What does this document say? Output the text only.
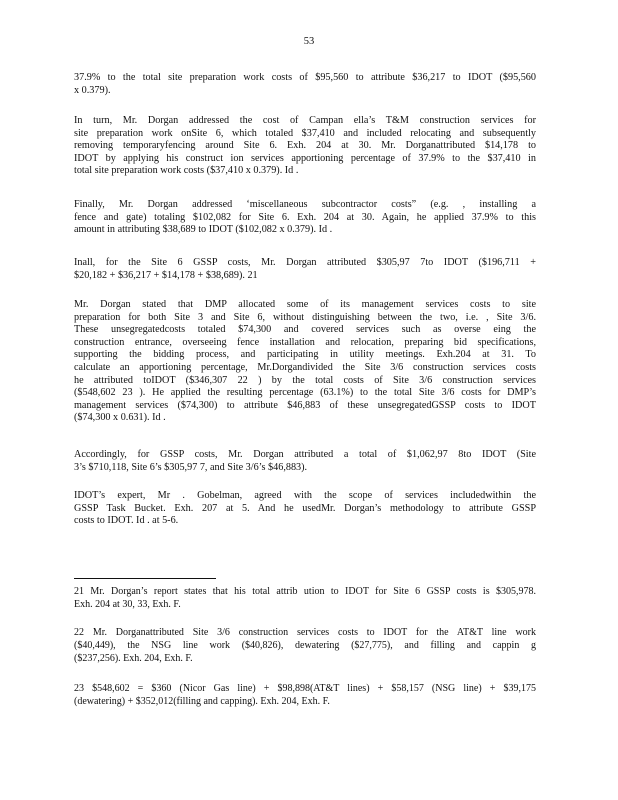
53
37.9% to the total site preparation work costs of $95,560 to attribute $36,217 to IDOT ($95,560
x 0.379).
In turn, Mr. Dorgan addressed the cost of Campan ella’s T&M construction services for
site preparation work onSite 6, which totaled $37,410 and included relocating and subsequently
removing temporaryfencing around Site 6. Exh. 204 at 30. Mr. Dorganattributed $14,178 to
IDOT by applying his construct ion services apportioning percentage of 37.9% to the $37,410 in
total site preparation work costs ($37,410 x 0.379). Id .
Finally, Mr. Dorgan addressed ‘miscellaneous subcontractor costs” (e.g. , installing a
fence and gate) totaling $102,082 for Site 6. Exh. 204 at 30. Again, he applied 37.9% to this
amount in attributing $38,689 to IDOT ($102,082 x 0.379). Id .
Inall, for the Site 6 GSSP costs, Mr. Dorgan attributed $305,97 7to IDOT ($196,711 +
$20,182 + $36,217 + $14,178 + $38,689). 21
Mr. Dorgan stated that DMP allocated some of its management services costs to site
preparation for both Site 3 and Site 6, without distinguishing between the two, i.e. , Site 3/6.
These unsegregatedcosts totaled $74,300 and covered services such as overse eing the
construction entrance, overseeing fence installation and relocation, preparing bid specifications,
supporting the bidding process, and participating in utility meetings. Exh.204 at 31. To
calculate an apportioning percentage, Mr.Dorgandivided the Site 3/6 construction services costs
he attributed toIDOT ($346,307 22 ) by the total costs of Site 3/6 construction services
($548,602 23 ). He applied the resulting percentage (63.1%) to the total Site 3/6 costs for DMP’s
management services ($74,300) to attribute $46,883 of these unsegregatedGSSP costs to IDOT
($74,300 x 0.631). Id .
Accordingly, for GSSP costs, Mr. Dorgan attributed a total of $1,062,97 8to IDOT (Site
3’s $710,118, Site 6’s $305,97 7, and Site 3/6’s $46,883).
IDOT’s expert, Mr . Gobelman, agreed with the scope of services includedwithin the
GSSP Task Bucket. Exh. 207 at 5. And he usedMr. Dorgan’s methodology to attribute GSSP
costs to IDOT. Id . at 5-6.
21 Mr. Dorgan’s report states that his total attrib ution to IDOT for Site 6 GSSP costs is $305,978.
Exh. 204 at 30, 33, Exh. F.
22 Mr. Dorganattributed Site 3/6 construction services costs to IDOT for the AT&T line work
($40,449), the NSG line work ($40,826), dewatering ($27,775), and filling and cappin g
($237,256). Exh. 204, Exh. F.
23 $548,602 = $360 (Nicor Gas line) + $98,898(AT&T lines) + $58,157 (NSG line) + $39,175
(dewatering) + $352,012(filling and capping). Exh. 204, Exh. F.
